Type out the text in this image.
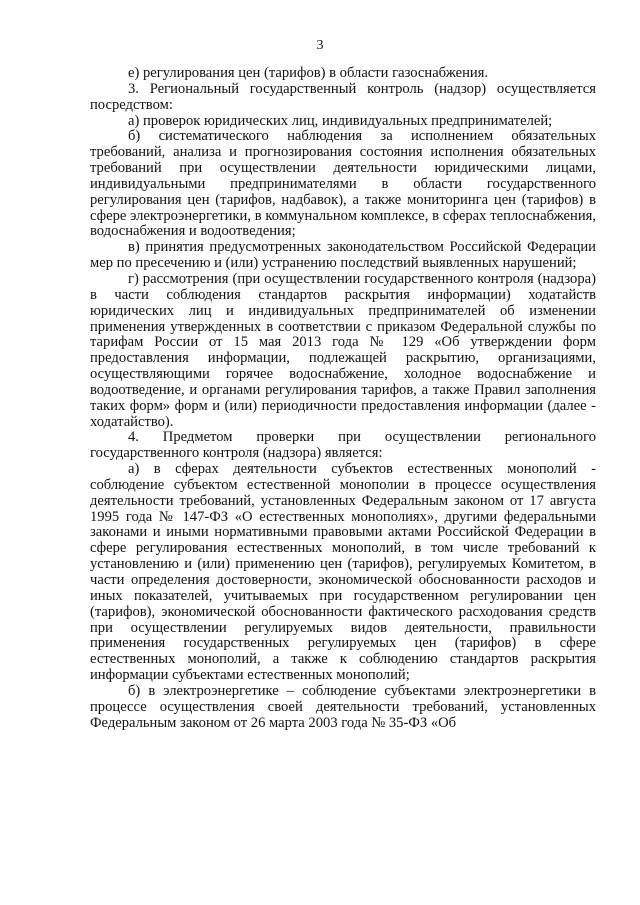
3

е) регулирования цен (тарифов) в области газоснабжения.

3. Региональный государственный контроль (надзор) осуществляется посредством:

а) проверок юридических лиц, индивидуальных предпринимателей;

б) систематического наблюдения за исполнением обязательных требований, анализа и прогнозирования состояния исполнения обязательных требований при осуществлении деятельности юридическими лицами, индивидуальными предпринимателями в области государственного регулирования цен (тарифов, надбавок), а также мониторинга цен (тарифов) в сфере электроэнергетики, в коммунальном комплексе, в сферах теплоснабжения, водоснабжения и водоотведения;

в) принятия предусмотренных законодательством Российской Федерации мер по пресечению и (или) устранению последствий выявленных нарушений;

г) рассмотрения (при осуществлении государственного контроля (надзора) в части соблюдения стандартов раскрытия информации) ходатайств юридических лиц и индивидуальных предпринимателей об изменении применения утвержденных в соответствии с приказом Федеральной службы по тарифам России от 15 мая 2013 года № 129 «Об утверждении форм предоставления информации, подлежащей раскрытию, организациями, осуществляющими горячее водоснабжение, холодное водоснабжение и водоотведение, и органами регулирования тарифов, а также Правил заполнения таких форм» форм и (или) периодичности предоставления информации (далее - ходатайство).

4. Предметом проверки при осуществлении регионального государственного контроля (надзора) является:

а) в сферах деятельности субъектов естественных монополий - соблюдение субъектом естественной монополии в процессе осуществления деятельности требований, установленных Федеральным законом от 17 августа 1995 года № 147-ФЗ «О естественных монополиях», другими федеральными законами и иными нормативными правовыми актами Российской Федерации в сфере регулирования естественных монополий, в том числе требований к установлению и (или) применению цен (тарифов), регулируемых Комитетом, в части определения достоверности, экономической обоснованности расходов и иных показателей, учитываемых при государственном регулировании цен (тарифов), экономической обоснованности фактического расходования средств при осуществлении регулируемых видов деятельности, правильности применения государственных регулируемых цен (тарифов) в сфере естественных монополий, а также к соблюдению стандартов раскрытия информации субъектами естественных монополий;

б) в электроэнергетике – соблюдение субъектами электроэнергетики в процессе осуществления своей деятельности требований, установленных Федеральным законом от 26 марта 2003 года № 35-ФЗ «Об
